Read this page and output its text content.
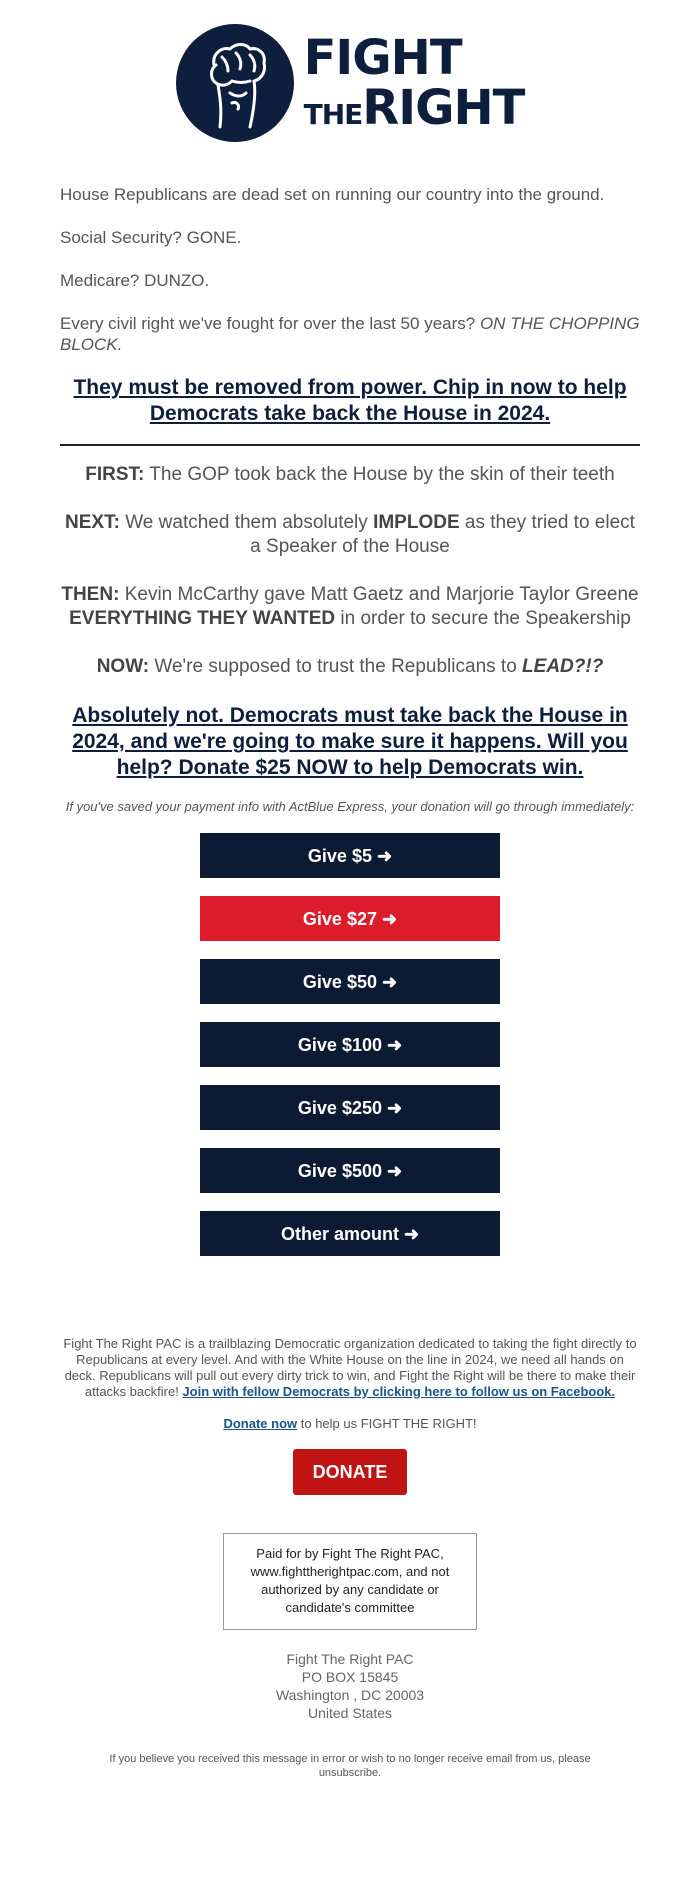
FIGHT
THERIGHT

House Republicans are dead set on running our country into the ground.

Social Security? GONE.

Medicare? DUNZO.

Every civil right we've fought for over the last 50 years? ON THE CHOPPING BLOCK.

They must be removed from power. Chip in now to help Democrats take back the House in 2024.

FIRST: The GOP took back the House by the skin of their teeth

NEXT: We watched them absolutely IMPLODE as they tried to elect a Speaker of the House

THEN: Kevin McCarthy gave Matt Gaetz and Marjorie Taylor Greene EVERYTHING THEY WANTED in order to secure the Speakership

NOW: We're supposed to trust the Republicans to LEAD?!?

Absolutely not. Democrats must take back the House in 2024, and we're going to make sure it happens. Will you help? Donate $25 NOW to help Democrats win.
If you've saved your payment info with ActBlue Express, your donation will go through immediately:
Give $5 ➜
Give $27 ➜
Give $50 ➜
Give $100 ➜
Give $250 ➜
Give $500 ➜
Other amount ➜
Fight The Right PAC is a trailblazing Democratic organization dedicated to taking the fight directly to Republicans at every level. And with the White House on the line in 2024, we need all hands on deck. Republicans will pull out every dirty trick to win, and Fight the Right will be there to make their attacks backfire! Join with fellow Democrats by clicking here to follow us on Facebook.
Donate now to help us FIGHT THE RIGHT!
DONATE
Paid for by Fight The Right PAC, www.fighttherightpac.com, and not authorized by any candidate or candidate's committee
Fight The Right PAC
PO BOX 15845
Washington , DC 20003
United States
If you believe you received this message in error or wish to no longer receive email from us, please unsubscribe.
